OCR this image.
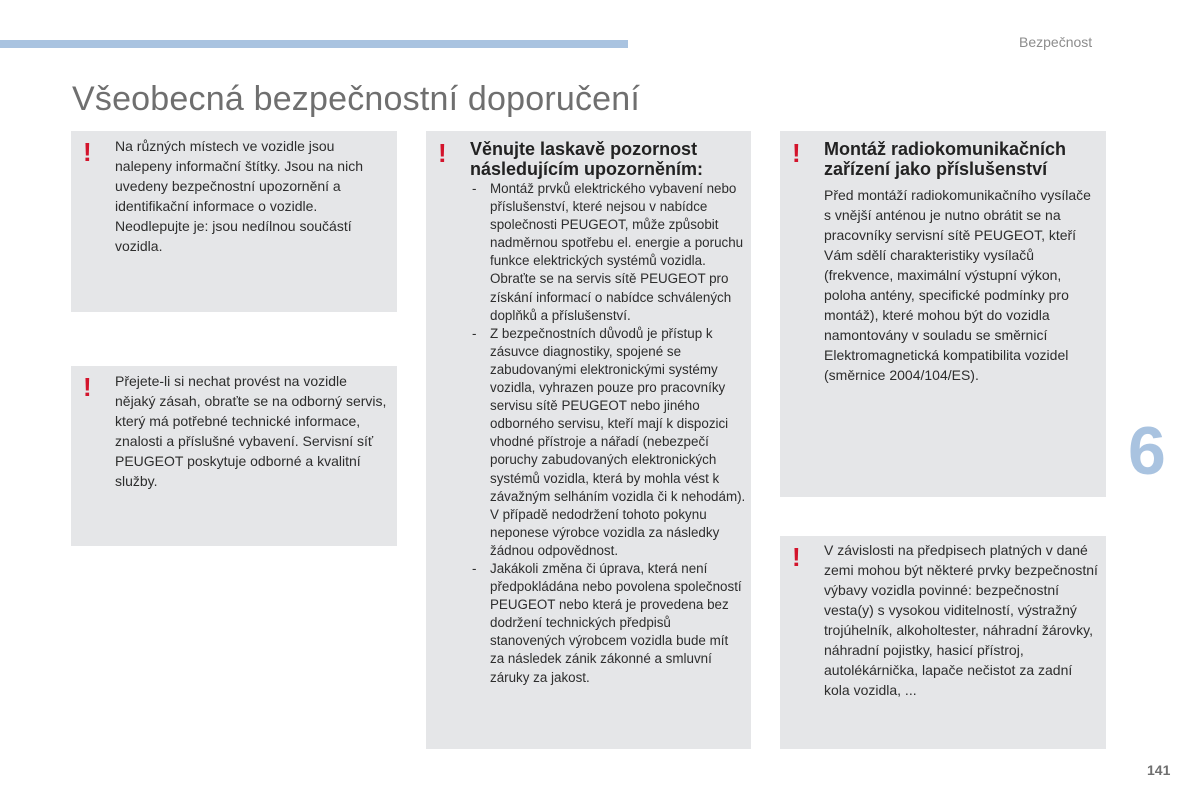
Bezpečnost
Všeobecná bezpečnostní doporučení
! Na různých místech ve vozidle jsou nalepeny informační štítky. Jsou na nich uvedeny bezpečnostní upozornění a identifikační informace o vozidle. Neodlepujte je: jsou nedílnou součástí vozidla.
! Přejete-li si nechat provést na vozidle nějaký zásah, obraťte se na odborný servis, který má potřebné technické informace, znalosti a příslušné vybavení. Servisní síť PEUGEOT poskytuje odborné a kvalitní služby.
! Věnujte laskavě pozornost následujícím upozorněním:
- Montáž prvků elektrického vybavení nebo příslušenství, které nejsou v nabídce společnosti PEUGEOT, může způsobit nadměrnou spotřebu el. energie a poruchu funkce elektrických systémů vozidla. Obraťte se na servis sítě PEUGEOT pro získání informací o nabídce schválených doplňků a příslušenství.
- Z bezpečnostních důvodů je přístup k zásuvce diagnostiky, spojené se zabudovanými elektronickými systémy vozidla, vyhrazen pouze pro pracovníky servisu sítě PEUGEOT nebo jiného odborného servisu, kteří mají k dispozici vhodné přístroje a nářadí (nebezpečí poruchy zabudovaných elektronických systémů vozidla, která by mohla vést k závažným selháním vozidla či k nehodám). V případě nedodržení tohoto pokynu neponese výrobce vozidla za následky žádnou odpovědnost.
- Jakákoli změna či úprava, která není předpokládána nebo povolena společností PEUGEOT nebo která je provedena bez dodržení technických předpisů stanovených výrobcem vozidla bude mít za následek zánik zákonné a smluvní záruky za jakost.
! Montáž radiokomunikačních zařízení jako příslušenství
Před montáží radiokomunikačního vysílače s vnější anténou je nutno obrátit se na pracovníky servisní sítě PEUGEOT, kteří Vám sdělí charakteristiky vysílačů (frekvence, maximální výstupní výkon, poloha antény, specifické podmínky pro montáž), které mohou být do vozidla namontovány v souladu se směrnicí Elektromagnetická kompatibilita vozidel (směrnice 2004/104/ES).
! V závislosti na předpisech platných v dané zemi mohou být některé prvky bezpečnostní výbavy vozidla povinné: bezpečnostní vesta(y) s vysokou viditelností, výstražný trojúhelník, alkoholtester, náhradní žárovky, náhradní pojistky, hasicí přístroj, autolékárnička, lapače nečistot za zadní kola vozidla, ...
6
141
